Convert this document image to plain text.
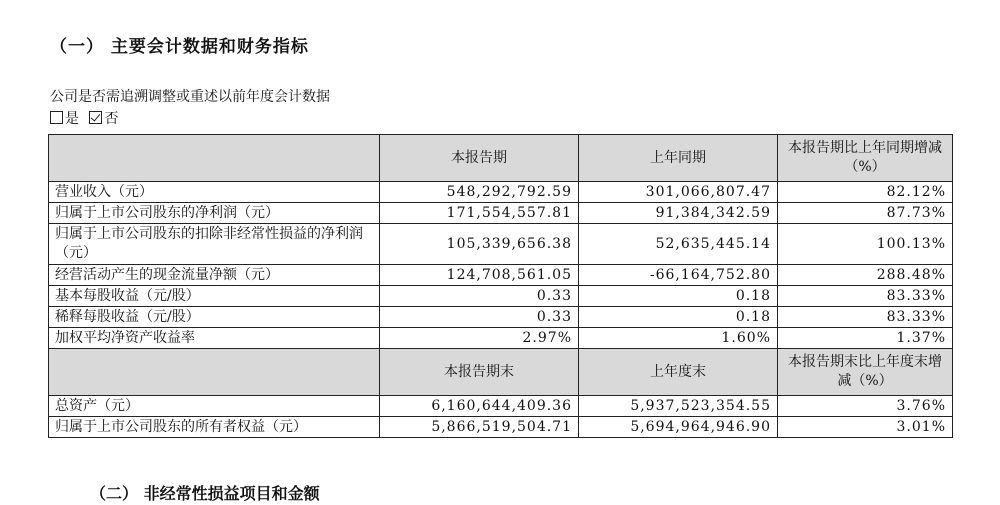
（一） 主要会计数据和财务指标
公司是否需追溯调整或重述以前年度会计数据
是 否
	本报告期	上年同期	本报告期比上年同期增减（%）
营业收入（元）	548,292,792.59	301,066,807.47	82.12%
归属于上市公司股东的净利润（元）	171,554,557.81	91,384,342.59	87.73%
归属于上市公司股东的扣除非经常性损益的净利润（元）	105,339,656.38	52,635,445.14	100.13%
经营活动产生的现金流量净额（元）	124,708,561.05	-66,164,752.80	288.48%
基本每股收益（元/股）	0.33	0.18	83.33%
稀释每股收益（元/股）	0.33	0.18	83.33%
加权平均净资产收益率	2.97%	1.60%	1.37%
	本报告期末	上年度末	本报告期末比上年度末增减（%）
总资产（元）	6,160,644,409.36	5,937,523,354.55	3.76%
归属于上市公司股东的所有者权益（元）	5,866,519,504.71	5,694,964,946.90	3.01%
（二） 非经常性损益项目和金额
